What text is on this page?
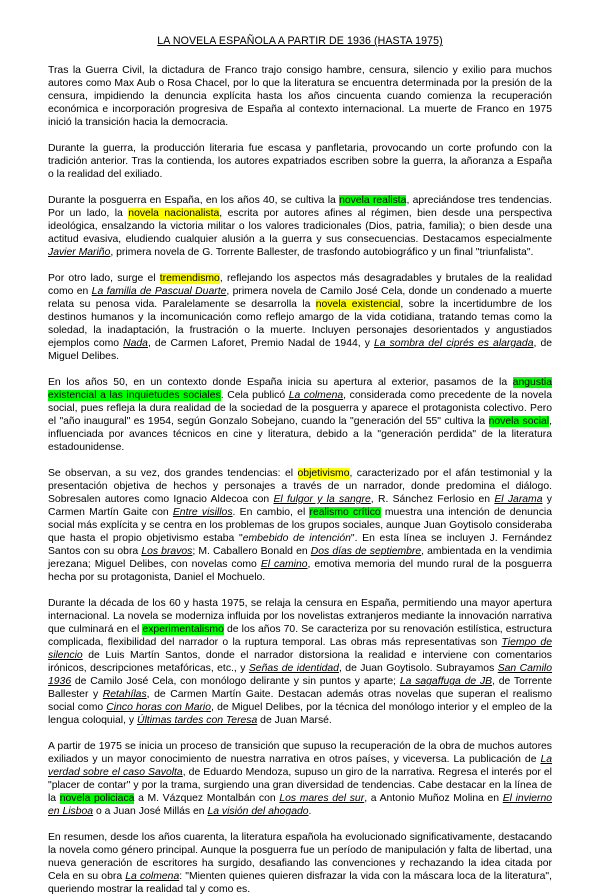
LA NOVELA ESPAÑOLA A PARTIR DE 1936 (HASTA 1975)

Tras la Guerra Civil, la dictadura de Franco trajo consigo hambre, censura, silencio y exilio para muchos autores como Max Aub o Rosa Chacel, por lo que la literatura se encuentra determinada por la presión de la censura, impidiendo la denuncia explícita hasta los años cincuenta cuando comienza la recuperación económica e incorporación progresiva de España al contexto internacional. La muerte de Franco en 1975 inició la transición hacia la democracia.

Durante la guerra, la producción literaria fue escasa y panfletaria, provocando un corte profundo con la tradición anterior. Tras la contienda, los autores expatriados escriben sobre la guerra, la añoranza a España o la realidad del exiliado.

Durante la posguerra en España, en los años 40, se cultiva la novela realista, apreciándose tres tendencias. Por un lado, la novela nacionalista, escrita por autores afines al régimen, bien desde una perspectiva ideológica, ensalzando la victoria militar o los valores tradicionales (Dios, patria, familia); o bien desde una actitud evasiva, eludiendo cualquier alusión a la guerra y sus consecuencias. Destacamos especialmente Javier Mariño, primera novela de G. Torrente Ballester, de trasfondo autobiográfico y un final "triunfalista".

Por otro lado, surge el tremendismo, reflejando los aspectos más desagradables y brutales de la realidad como en La familia de Pascual Duarte, primera novela de Camilo José Cela, donde un condenado a muerte relata su penosa vida. Paralelamente se desarrolla la novela existencial, sobre la incertidumbre de los destinos humanos y la incomunicación como reflejo amargo de la vida cotidiana, tratando temas como la soledad, la inadaptación, la frustración o la muerte. Incluyen personajes desorientados y angustiados ejemplos como Nada, de Carmen Laforet, Premio Nadal de 1944, y La sombra del ciprés es alargada, de Miguel Delibes.

En los años 50, en un contexto donde España inicia su apertura al exterior, pasamos de la angustia existencial a las inquietudes sociales. Cela publicó La colmena, considerada como precedente de la novela social, pues refleja la dura realidad de la sociedad de la posguerra y aparece el protagonista colectivo. Pero el "año inaugural" es 1954, según Gonzalo Sobejano, cuando la "generación del 55" cultiva la novela social, influenciada por avances técnicos en cine y literatura, debido a la "generación perdida" de la literatura estadounidense.

Se observan, a su vez, dos grandes tendencias: el objetivismo, caracterizado por el afán testimonial y la presentación objetiva de hechos y personajes a través de un narrador, donde predomina el diálogo. Sobresalen autores como Ignacio Aldecoa con El fulgor y la sangre, R. Sánchez Ferlosio en El Jarama y Carmen Martín Gaite con Entre visillos. En cambio, el realismo crítico muestra una intención de denuncia social más explícita y se centra en los problemas de los grupos sociales, aunque Juan Goytisolo consideraba que hasta el propio objetivismo estaba "embebido de intención". En esta línea se incluyen J. Fernández Santos con su obra Los bravos; M. Caballero Bonald en Dos días de septiembre, ambientada en la vendimia jerezana; Miguel Delibes, con novelas como El camino, emotiva memoria del mundo rural de la posguerra hecha por su protagonista, Daniel el Mochuelo.

Durante la década de los 60 y hasta 1975, se relaja la censura en España, permitiendo una mayor apertura internacional. La novela se moderniza influida por los novelistas extranjeros mediante la innovación narrativa que culminará en el experimentalismo de los años 70. Se caracteriza por su renovación estilística, estructura complicada, flexibilidad del narrador o la ruptura temporal. Las obras más representativas son Tiempo de silencio de Luis Martín Santos, donde el narrador distorsiona la realidad e interviene con comentarios irónicos, descripciones metafóricas, etc., y Señas de identidad, de Juan Goytisolo. Subrayamos San Camilo 1936 de Camilo José Cela, con monólogo delirante y sin puntos y aparte; La sagaffuga de JB, de Torrente Ballester y Retahílas, de Carmen Martín Gaite. Destacan además otras novelas que superan el realismo social como Cinco horas con Mario, de Miguel Delibes, por la técnica del monólogo interior y el empleo de la lengua coloquial, y Últimas tardes con Teresa de Juan Marsé.

A partir de 1975 se inicia un proceso de transición que supuso la recuperación de la obra de muchos autores exiliados y un mayor conocimiento de nuestra narrativa en otros países, y viceversa. La publicación de La verdad sobre el caso Savolta, de Eduardo Mendoza, supuso un giro de la narrativa. Regresa el interés por el "placer de contar" y por la trama, surgiendo una gran diversidad de tendencias. Cabe destacar en la línea de la novela policiaca a M. Vázquez Montalbán con Los mares del sur, a Antonio Muñoz Molina en El invierno en Lisboa o a Juan José Millás en La visión del ahogado.

En resumen, desde los años cuarenta, la literatura española ha evolucionado significativamente, destacando la novela como género principal. Aunque la posguerra fue un período de manipulación y falta de libertad, una nueva generación de escritores ha surgido, desafiando las convenciones y rechazando la idea citada por Cela en su obra La colmena: "Mienten quienes quieren disfrazar la vida con la máscara loca de la literatura", queriendo mostrar la realidad tal y como es.
